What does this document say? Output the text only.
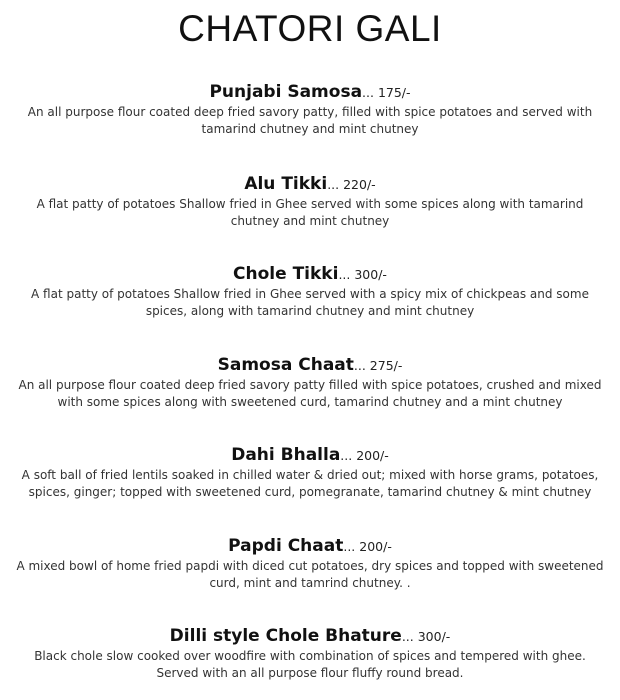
CHATORI GALI
Punjabi Samosa... 175/-
An all purpose flour coated deep fried savory patty, filled with spice potatoes and served with
tamarind chutney and mint chutney
Alu Tikki... 220/-
A flat patty of potatoes Shallow fried in Ghee served with some spices along with tamarind
chutney and mint chutney
Chole Tikki... 300/-
A flat patty of potatoes Shallow fried in Ghee served with a spicy mix of chickpeas and some
spices, along with tamarind chutney and mint chutney
Samosa Chaat... 275/-
An all purpose flour coated deep fried savory patty filled with spice potatoes, crushed and mixed
with some spices along with sweetened curd, tamarind chutney and a mint chutney
Dahi Bhalla... 200/-
A soft ball of fried lentils soaked in chilled water & dried out; mixed with horse grams, potatoes,
spices, ginger; topped with sweetened curd, pomegranate, tamarind chutney & mint chutney
Papdi Chaat... 200/-
A mixed bowl of home fried papdi with diced cut potatoes, dry spices and topped with sweetened
curd, mint and tamrind chutney. .
Dilli style Chole Bhature... 300/-
Black chole slow cooked over woodfire with combination of spices and tempered with ghee.
Served with an all purpose flour fluffy round bread.
